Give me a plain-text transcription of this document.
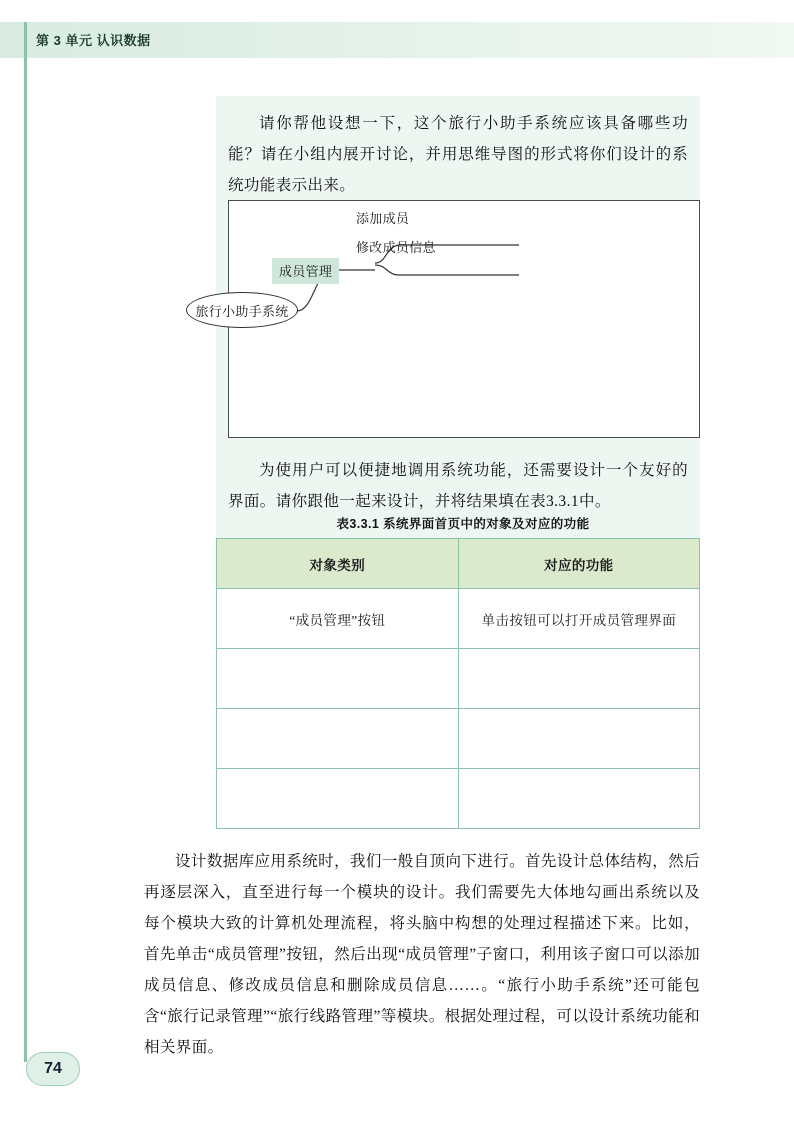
第 3 单元 认识数据
请你帮他设想一下，这个旅行小助手系统应该具备哪些功能？请在小组内展开讨论，并用思维导图的形式将你们设计的系统功能表示出来。
旅行小助手系统
成员管理
添加成员
修改成员信息
为使用户可以便捷地调用系统功能，还需要设计一个友好的界面。请你跟他一起来设计，并将结果填在表3.3.1中。
表3.3.1 系统界面首页中的对象及对应的功能
对象类别	对应的功能
“成员管理”按钮	单击按钮可以打开成员管理界面

设计数据库应用系统时，我们一般自顶向下进行。首先设计总体结构，然后再逐层深入，直至进行每一个模块的设计。我们需要先大体地勾画出系统以及每个模块大致的计算机处理流程，将头脑中构想的处理过程描述下来。比如，首先单击“成员管理”按钮，然后出现“成员管理”子窗口，利用该子窗口可以添加成员信息、修改成员信息和删除成员信息……。“旅行小助手系统”还可能包含“旅行记录管理”“旅行线路管理”等模块。根据处理过程，可以设计系统功能和相关界面。
74
